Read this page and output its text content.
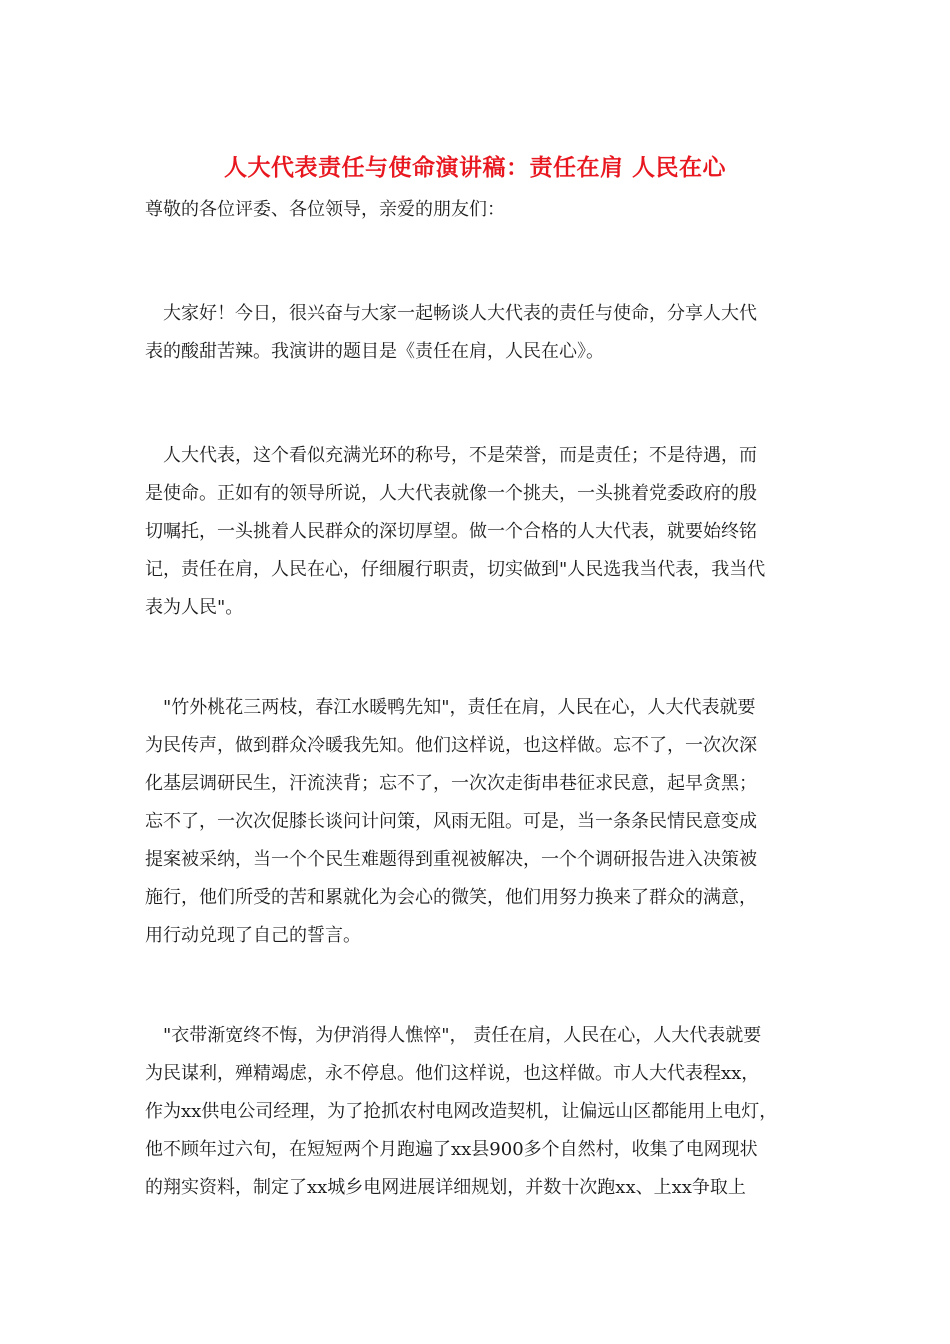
人大代表责任与使命演讲稿：责任在肩 人民在心
尊敬的各位评委、各位领导，亲爱的朋友们：
大家好！今日，很兴奋与大家一起畅谈人大代表的责任与使命，分享人大代
表的酸甜苦辣。我演讲的题目是《责任在肩，人民在心》。
人大代表，这个看似充满光环的称号，不是荣誉，而是责任；不是待遇，而
是使命。正如有的领导所说，人大代表就像一个挑夫，一头挑着党委政府的殷
切嘱托，一头挑着人民群众的深切厚望。做一个合格的人大代表，就要始终铭
记，责任在肩，人民在心，仔细履行职责，切实做到"人民选我当代表，我当代
表为人民"。
"竹外桃花三两枝，春江水暖鸭先知"，责任在肩，人民在心，人大代表就要
为民传声，做到群众冷暖我先知。他们这样说，也这样做。忘不了，一次次深
化基层调研民生，汗流浃背；忘不了，一次次走街串巷征求民意，起早贪黑；
忘不了，一次次促膝长谈问计问策，风雨无阻。可是，当一条条民情民意变成
提案被采纳，当一个个民生难题得到重视被解决，一个个调研报告进入决策被
施行，他们所受的苦和累就化为会心的微笑，他们用努力换来了群众的满意，
用行动兑现了自己的誓言。
"衣带渐宽终不悔，为伊消得人憔悴"， 责任在肩，人民在心，人大代表就要
为民谋利，殚精竭虑，永不停息。他们这样说，也这样做。市人大代表程xx，
作为xx供电公司经理，为了抢抓农村电网改造契机，让偏远山区都能用上电灯，
他不顾年过六旬，在短短两个月跑遍了xx县900多个自然村，收集了电网现状
的翔实资料，制定了xx城乡电网进展详细规划，并数十次跑xx、上xx争取上
